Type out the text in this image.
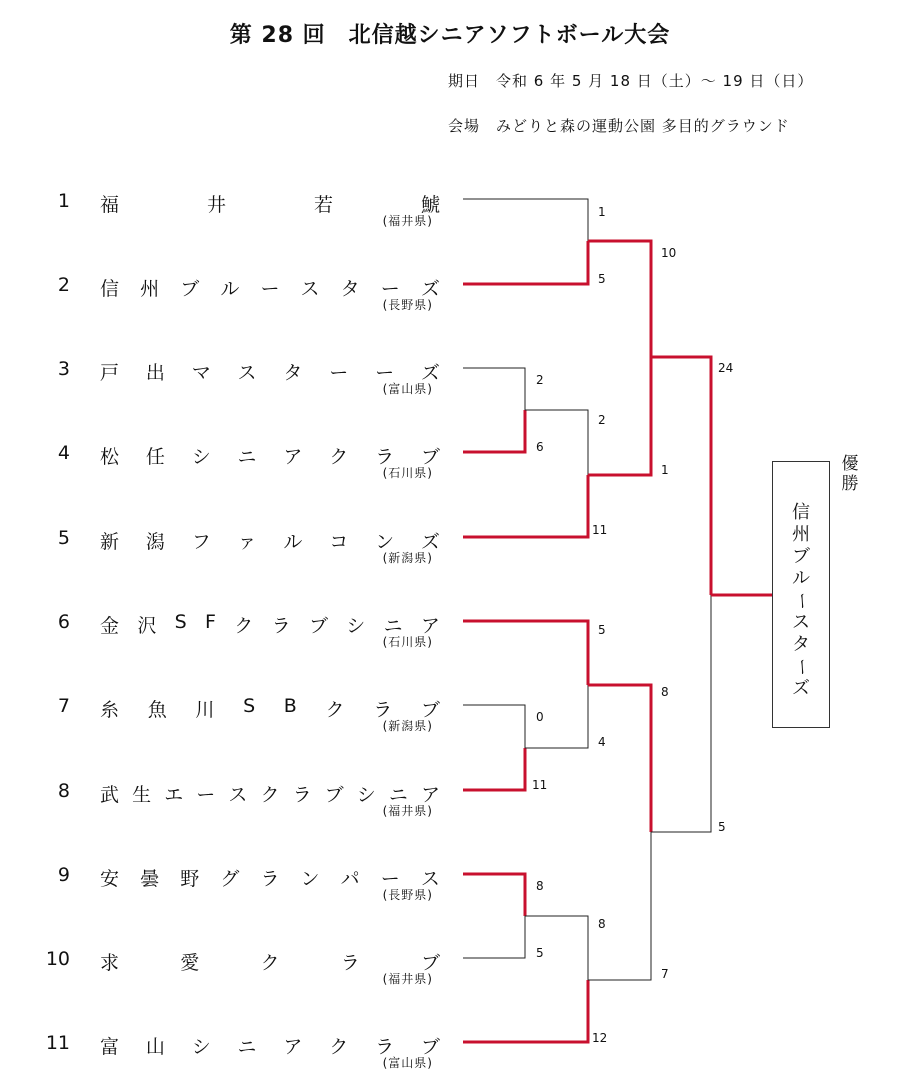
第 28 回　北信越シニアソフトボール大会
期日　令和 6 年 5 月 18 日（土）～ 19 日（日）
会場　みどりと森の運動公園 多目的グラウンド
1 福	井	若	鯱
(福井県)
2 信 州 ブ ル ー ス タ ー ズ
(長野県)
3 戸 出 マ ス タ ー ー ズ
(富山県)
4 松 任 シ ニ ア ク ラ ブ
(石川県)
5 新 潟 フ ァ ル コ ン ズ
(新潟県)
6 金 沢 S F ク ラ ブ シ ニ ア
(石川県)
7 糸 魚 川 S B ク ラ ブ
(新潟県)
8 武 生 エ ー ス ク ラ ブ シ ニ ア
(福井県)
9 安 曇 野 グ ラ ン パ ー ス
(長野県)
10 求	愛	ク	ラ	ブ
(福井県)
11 富 山 シ ニ ア ク ラ ブ
(富山県)
1
5
2
6
2
11
5
4
0
11
8
5
8
12
10
1
8
7
24
5
信
州
ブ
ル
ー
ス
タ
ー
ズ
優
勝
